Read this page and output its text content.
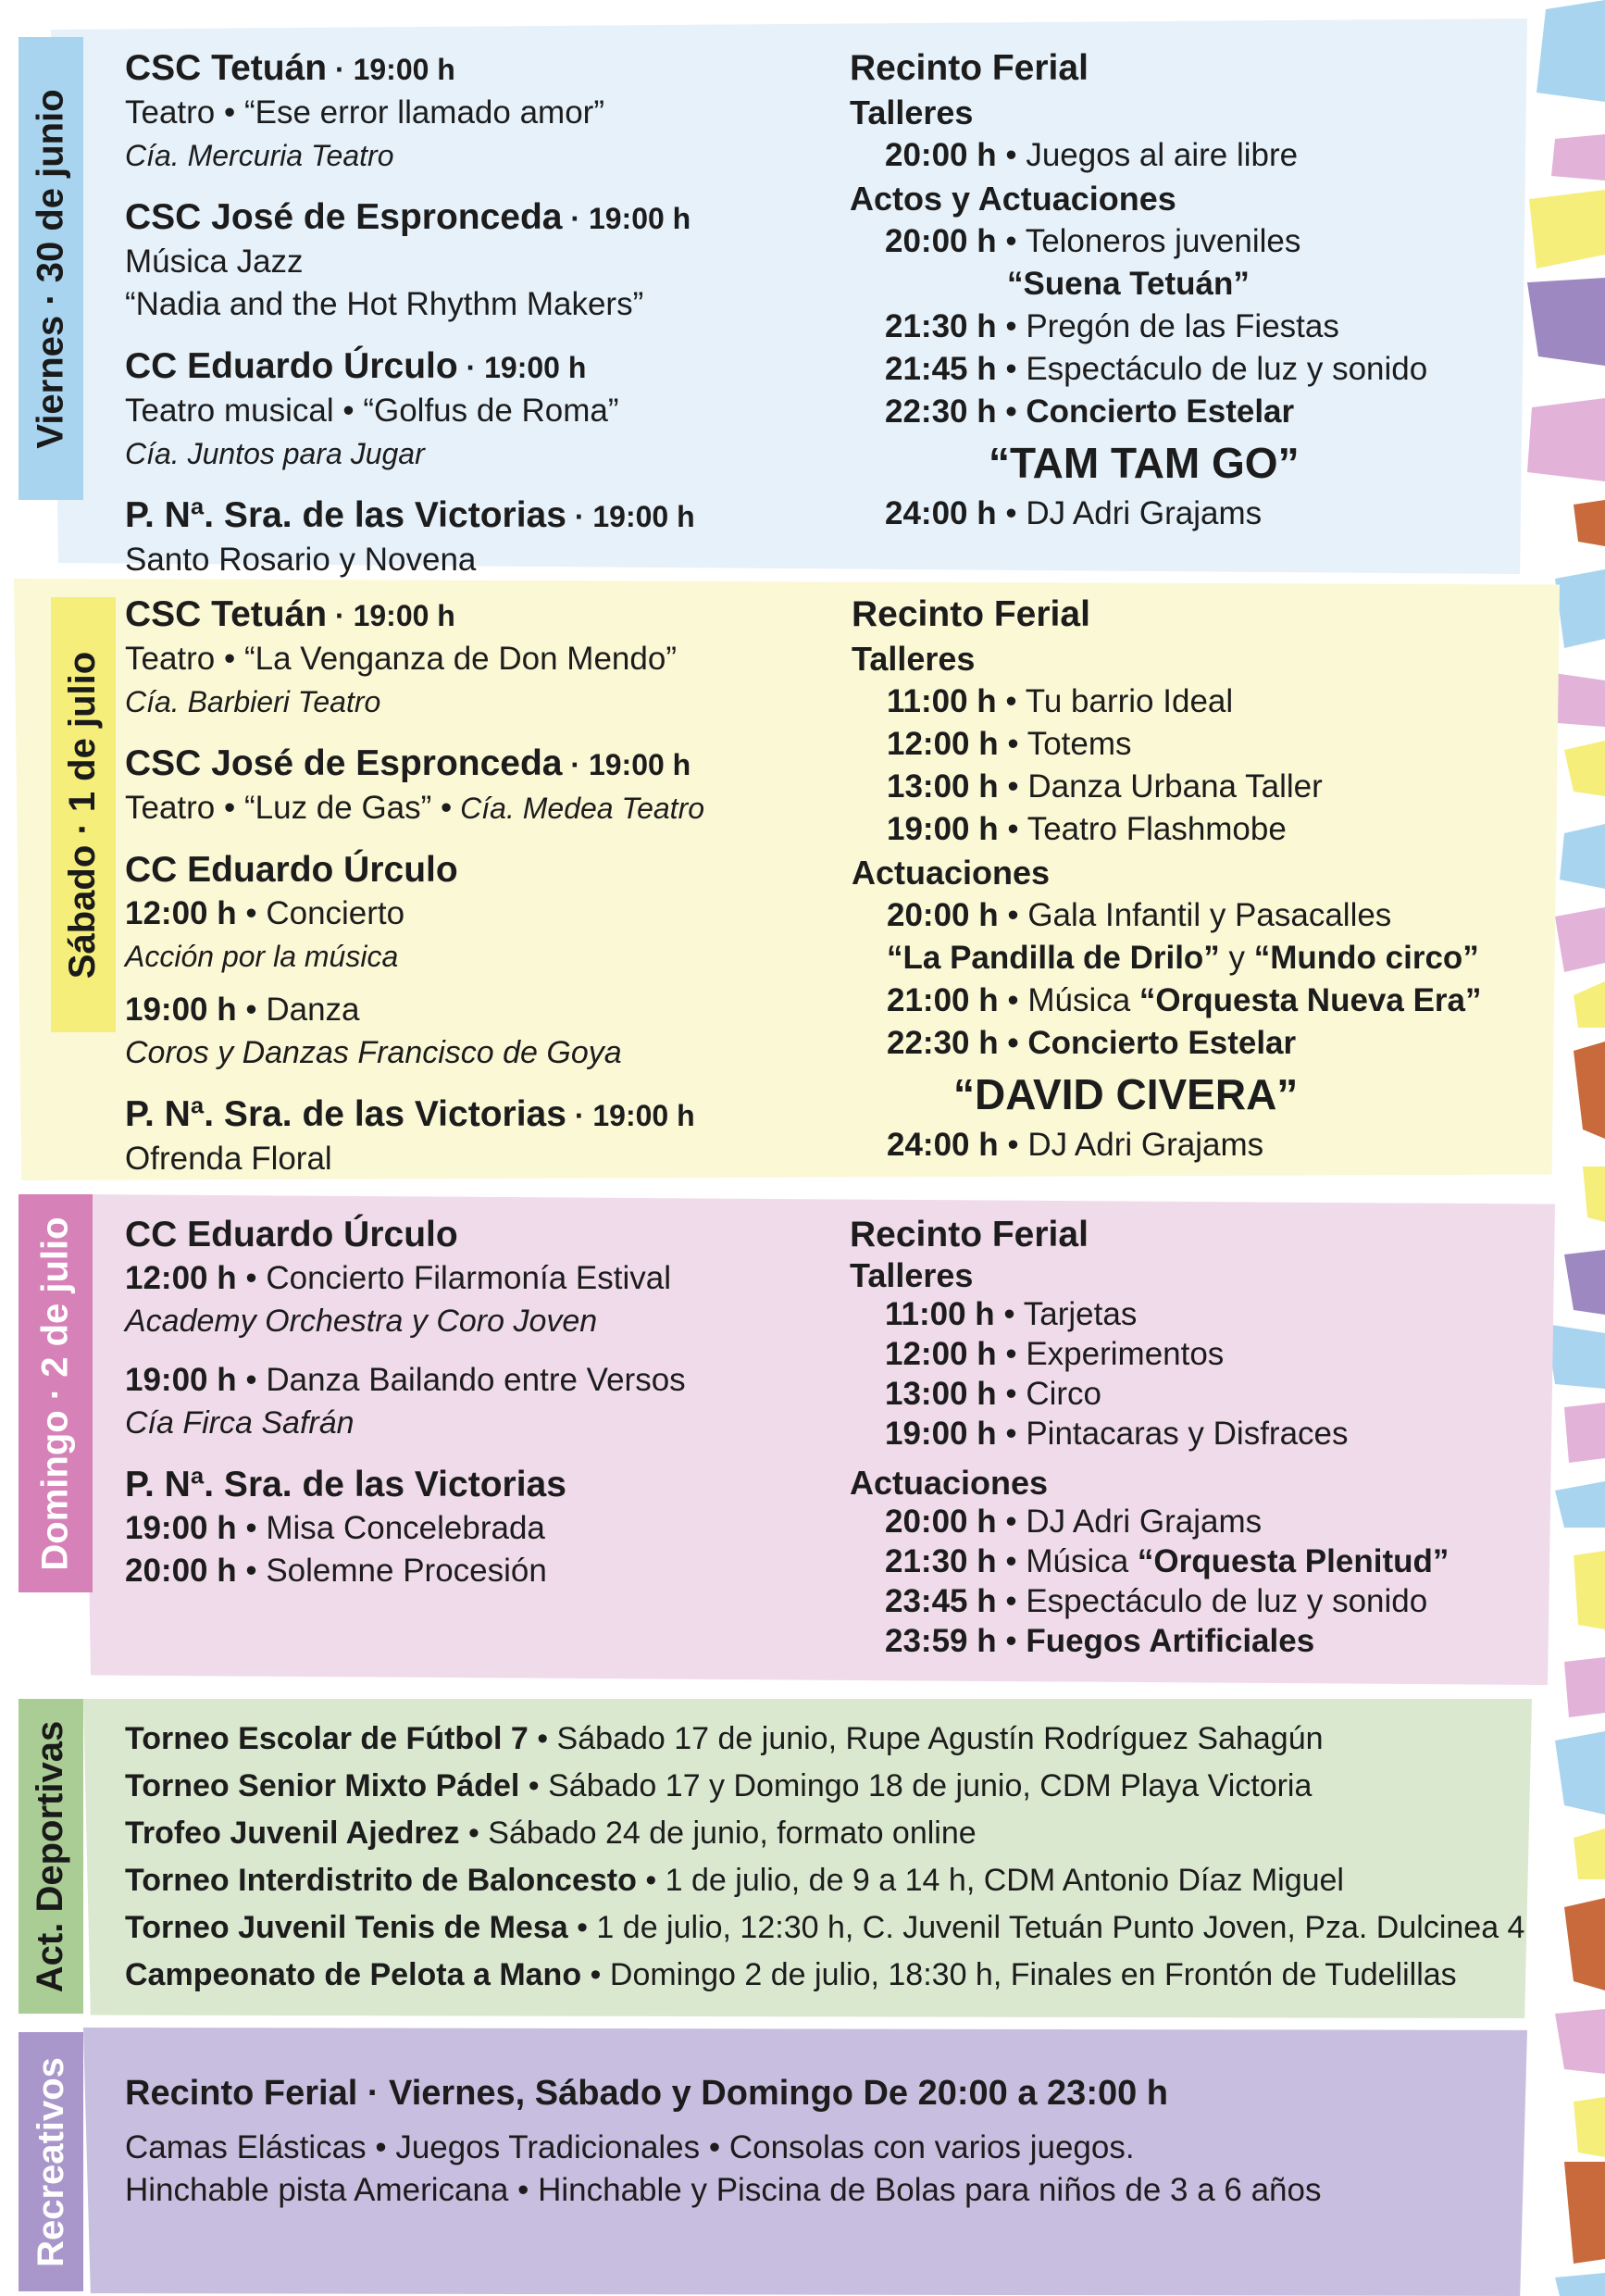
Viernes · 30 de junio
CSC Tetuán · 19:00 h
Teatro • “Ese error llamado amor”
Cía. Mercuria Teatro
CSC José de Espronceda · 19:00 h
Música Jazz
“Nadia and the Hot Rhythm Makers”
CC Eduardo Úrculo · 19:00 h
Teatro musical • “Golfus de Roma”
Cía. Juntos para Jugar
P. Nª. Sra. de las Victorias · 19:00 h
Santo Rosario y Novena
Recinto Ferial
Talleres
20:00 h • Juegos al aire libre
Actos y Actuaciones
20:00 h • Teloneros juveniles
“Suena Tetuán”
21:30 h • Pregón de las Fiestas
21:45 h • Espectáculo de luz y sonido
22:30 h • Concierto Estelar
“TAM TAM GO”
24:00 h • DJ Adri Grajams
Sábado · 1 de julio
CSC Tetuán · 19:00 h
Teatro • “La Venganza de Don Mendo”
Cía. Barbieri Teatro
CSC José de Espronceda · 19:00 h
Teatro • “Luz de Gas” • Cía. Medea Teatro
CC Eduardo Úrculo
12:00 h • Concierto
Acción por la música
19:00 h • Danza
Coros y Danzas Francisco de Goya
P. Nª. Sra. de las Victorias · 19:00 h
Ofrenda Floral
Recinto Ferial
Talleres
11:00 h • Tu barrio Ideal
12:00 h • Totems
13:00 h • Danza Urbana Taller
19:00 h • Teatro Flashmobe
Actuaciones
20:00 h • Gala Infantil y Pasacalles
“La Pandilla de Drilo” y “Mundo circo”
21:00 h • Música “Orquesta Nueva Era”
22:30 h • Concierto Estelar
“DAVID CIVERA”
24:00 h • DJ Adri Grajams
Domingo · 2 de julio CC Eduardo Úrculo
12:00 h • Concierto Filarmonía Estival
Academy Orchestra y Coro Joven
19:00 h • Danza Bailando entre Versos
Cía Firca Safrán
P. Nª. Sra. de las Victorias
19:00 h • Misa Concelebrada
20:00 h • Solemne Procesión
Recinto Ferial
Talleres
11:00 h • Tarjetas
12:00 h • Experimentos
13:00 h • Circo
19:00 h • Pintacaras y Disfraces
Actuaciones
20:00 h • DJ Adri Grajams
21:30 h • Música “Orquesta Plenitud”
23:45 h • Espectáculo de luz y sonido
23:59 h • Fuegos Artificiales
Act. Deportivas Torneo Escolar de Fútbol 7 • Sábado 17 de junio, Rupe Agustín Rodríguez Sahagún
Torneo Senior Mixto Pádel • Sábado 17 y Domingo 18 de junio, CDM Playa Victoria
Trofeo Juvenil Ajedrez • Sábado 24 de junio, formato online
Torneo Interdistrito de Baloncesto • 1 de julio, de 9 a 14 h, CDM Antonio Díaz Miguel
Torneo Juvenil Tenis de Mesa • 1 de julio, 12:30 h, C. Juvenil Tetuán Punto Joven, Pza. Dulcinea 4
Campeonato de Pelota a Mano • Domingo 2 de julio, 18:30 h, Finales en Frontón de Tudelillas
Recreativos Recinto Ferial · Viernes, Sábado y Domingo De 20:00 a 23:00 h
Camas Elásticas • Juegos Tradicionales • Consolas con varios juegos.
Hinchable pista Americana • Hinchable y Piscina de Bolas para niños de 3 a 6 años
